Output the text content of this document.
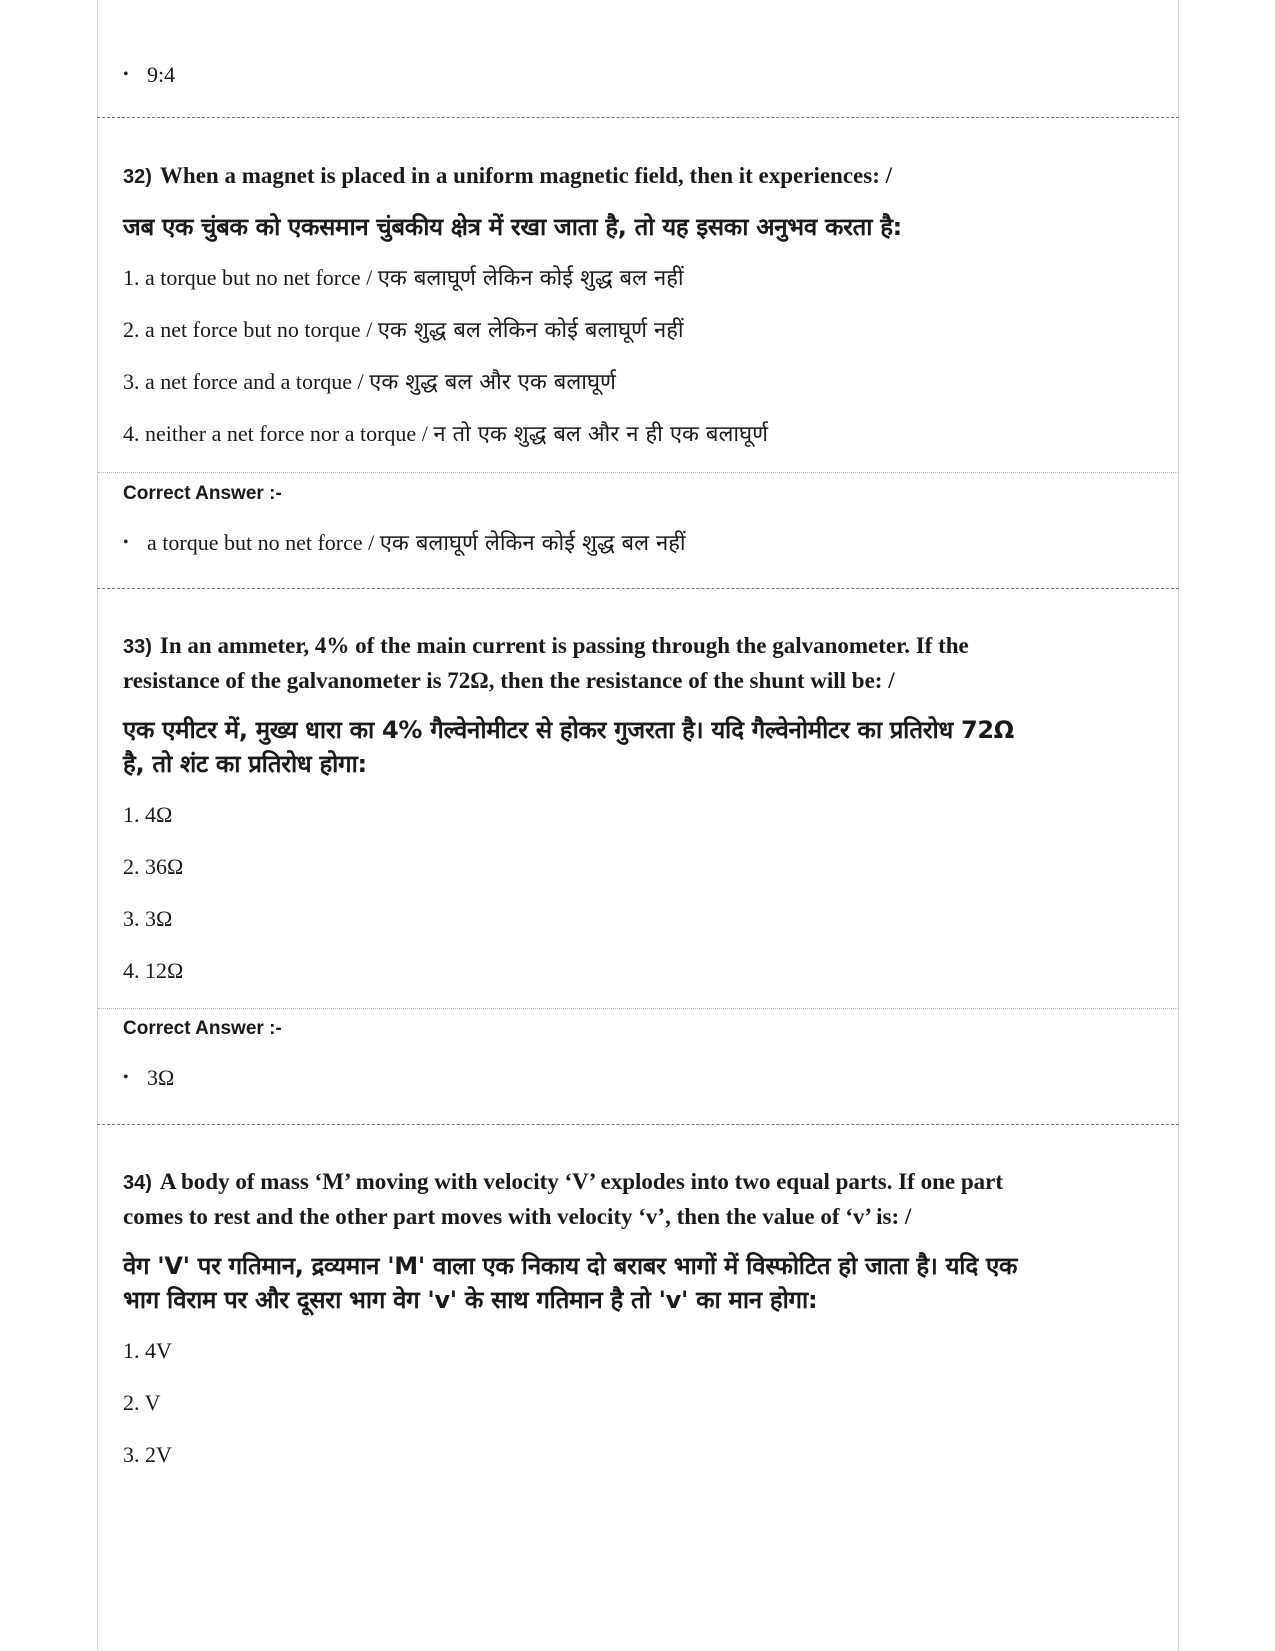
• 9:4
32) When a magnet is placed in a uniform magnetic field, then it experiences: /
जब एक चुंबक को एकसमान चुंबकीय क्षेत्र में रखा जाता है, तो यह इसका अनुभव करता है:
1. a torque but no net force / एक बलाघूर्ण लेकिन कोई शुद्ध बल नहीं
2. a net force but no torque / एक शुद्ध बल लेकिन कोई बलाघूर्ण नहीं
3. a net force and a torque / एक शुद्ध बल और एक बलाघूर्ण
4. neither a net force nor a torque / न तो एक शुद्ध बल और न ही एक बलाघूर्ण
Correct Answer :-
• a torque but no net force / एक बलाघूर्ण लेकिन कोई शुद्ध बल नहीं
33) In an ammeter, 4% of the main current is passing through the galvanometer. If the
resistance of the galvanometer is 72Ω, then the resistance of the shunt will be: /
एक एमीटर में, मुख्य धारा का 4% गैल्वेनोमीटर से होकर गुजरता है। यदि गैल्वेनोमीटर का प्रतिरोध 72Ω
है, तो शंट का प्रतिरोध होगा:
1. 4Ω
2. 36Ω
3. 3Ω
4. 12Ω
Correct Answer :-
• 3Ω
34) A body of mass ‘M’ moving with velocity ‘V’ explodes into two equal parts. If one part
comes to rest and the other part moves with velocity ‘v’, then the value of ‘v’ is: /
वेग 'V' पर गतिमान, द्रव्यमान 'M' वाला एक निकाय दो बराबर भागों में विस्फोटित हो जाता है। यदि एक
भाग विराम पर और दूसरा भाग वेग 'v' के साथ गतिमान है तो 'v' का मान होगा:
1. 4V
2. V
3. 2V
